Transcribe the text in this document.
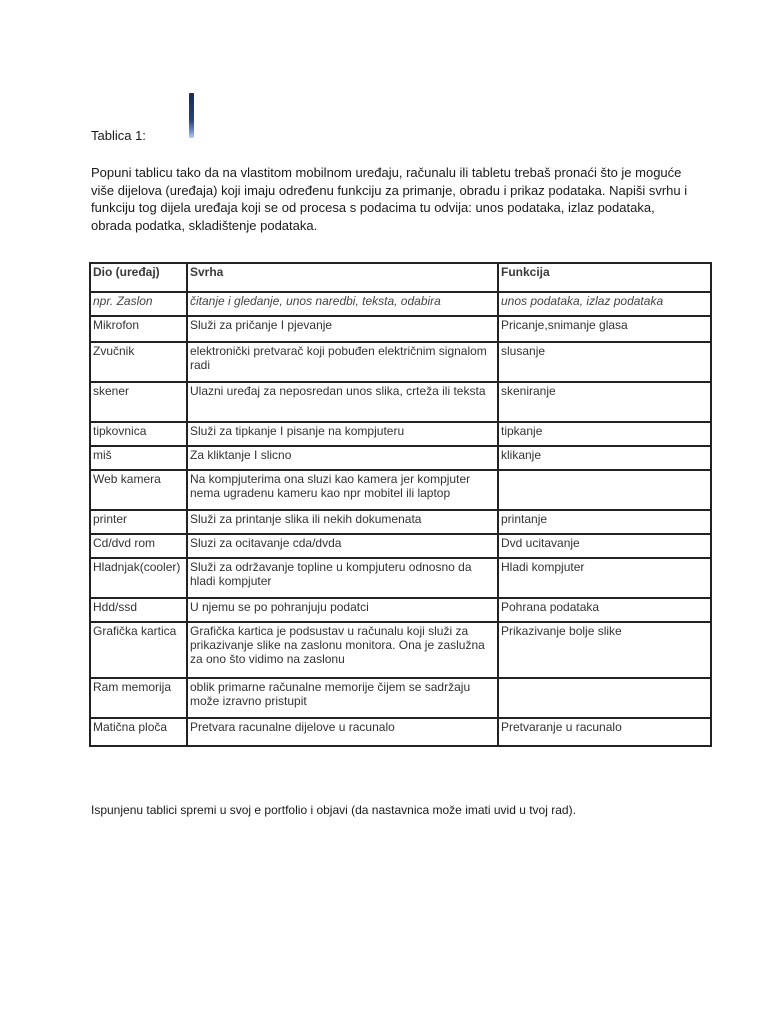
Tablica 1:
Popuni tablicu tako da na vlastitom mobilnom uređaju, računalu ili tabletu trebaš pronaći što je moguće više dijelova (uređaja) koji imaju određenu funkciju za primanje, obradu i prikaz podataka. Napiši svrhu i funkciju tog dijela uređaja koji se od procesa s podacima tu odvija: unos podataka, izlaz podataka, obrada podatka, skladištenje podataka.
Dio (uređaj)	Svrha	Funkcija
npr. Zaslon	čitanje i gledanje, unos naredbi, teksta, odabira	unos podataka, izlaz podataka
Mikrofon	Služi za pričanje I pjevanje	Pricanje,snimanje glasa
Zvučnik	elektronički pretvarač koji pobuđen električnim signalom radi	slusanje
skener	Ulazni uređaj za neposredan unos slika, crteža ili teksta	skeniranje
tipkovnica	Služi za tipkanje I pisanje na kompjuteru	tipkanje
miš	Za kliktanje I slicno	klikanje
Web kamera	Na kompjuterima ona sluzi kao kamera jer kompjuter nema ugradenu kameru kao npr mobitel ili laptop	
printer	Služi za printanje slika ili nekih dokumenata	printanje
Cd/dvd rom	Sluzi za ocitavanje cda/dvda	Dvd ucitavanje
Hladnjak(cooler)	Služi za održavanje topline u kompjuteru odnosno da hladi kompjuter	Hladi kompjuter
Hdd/ssd	U njemu se po pohranjuju podatci	Pohrana podataka
Grafička kartica	Grafička kartica je podsustav u računalu koji služi za prikazivanje slike na zaslonu monitora. Ona je zaslužna za ono što vidimo na zaslonu	Prikazivanje bolje slike
Ram memorija	oblik primarne računalne memorije čijem se sadržaju može izravno pristupit	
Matična ploča	Pretvara racunalne dijelove u racunalo	Pretvaranje u racunalo
Ispunjenu tablici spremi u svoj e portfolio i objavi (da nastavnica može imati uvid u tvoj rad).
